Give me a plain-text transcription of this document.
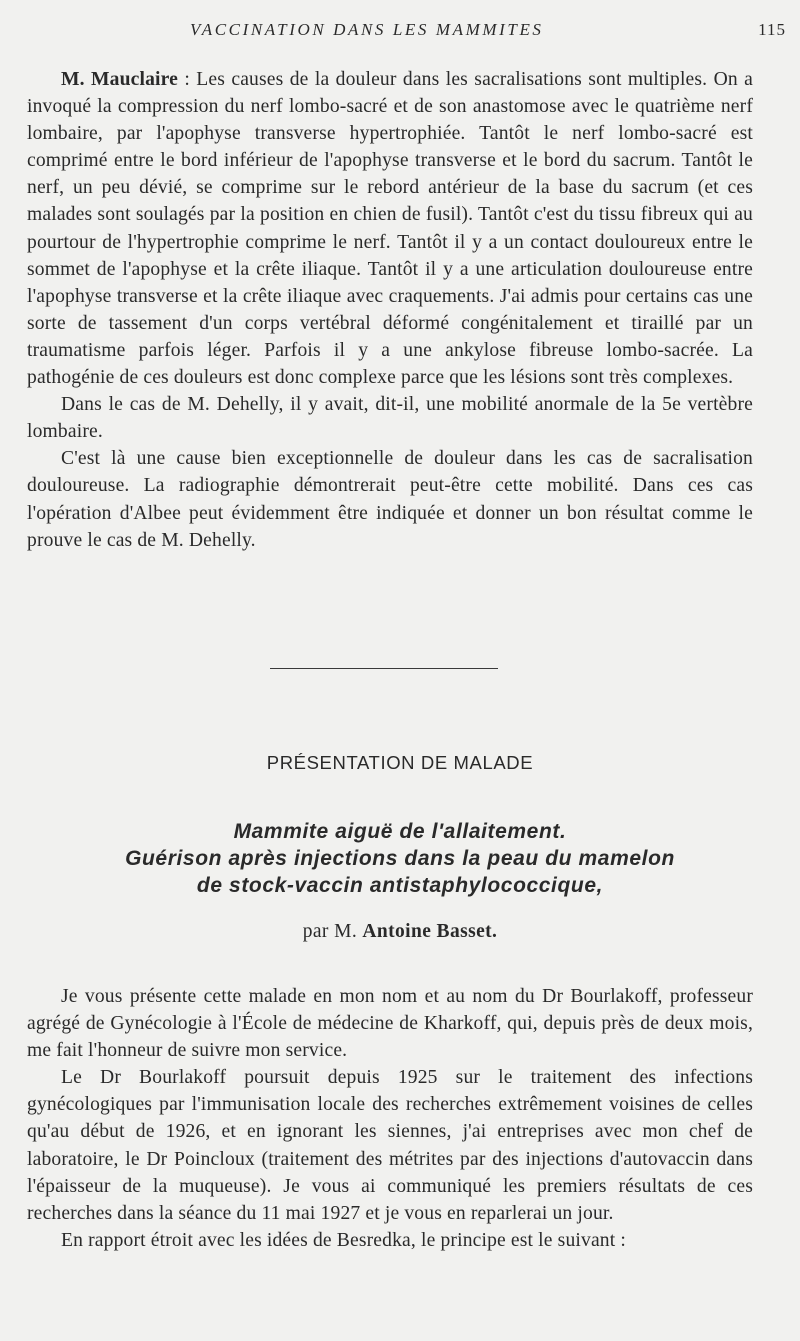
VACCINATION DANS LES MAMMITES	115

M. Mauclaire : Les causes de la douleur dans les sacralisations sont multiples. On a invoqué la compression du nerf lombo-sacré et de son anastomose avec le quatrième nerf lombaire, par l'apophyse transverse hypertrophiée. Tantôt le nerf lombo-sacré est comprimé entre le bord inférieur de l'apophyse transverse et le bord du sacrum. Tantôt le nerf, un peu dévié, se comprime sur le rebord antérieur de la base du sacrum (et ces malades sont soulagés par la position en chien de fusil). Tantôt c'est du tissu fibreux qui au pourtour de l'hypertrophie comprime le nerf. Tantôt il y a un contact douloureux entre le sommet de l'apophyse et la crête iliaque. Tantôt il y a une articulation douloureuse entre l'apophyse transverse et la crête iliaque avec craquements. J'ai admis pour certains cas une sorte de tassement d'un corps vertébral déformé congénitalement et tiraillé par un traumatisme parfois léger. Parfois il y a une ankylose fibreuse lombo-sacrée. La pathogénie de ces douleurs est donc complexe parce que les lésions sont très complexes.

Dans le cas de M. Dehelly, il y avait, dit-il, une mobilité anormale de la 5e vertèbre lombaire.

C'est là une cause bien exceptionnelle de douleur dans les cas de sacralisation douloureuse. La radiographie démontrerait peut-être cette mobilité. Dans ces cas l'opération d'Albee peut évidemment être indiquée et donner un bon résultat comme le prouve le cas de M. Dehelly.

PRÉSENTATION DE MALADE
Mammite aiguë de l'allaitement.
Guérison après injections dans la peau du mamelon
de stock-vaccin antistaphylococcique,
par M. Antoine Basset.

Je vous présente cette malade en mon nom et au nom du Dr Bourlakoff, professeur agrégé de Gynécologie à l'École de médecine de Kharkoff, qui, depuis près de deux mois, me fait l'honneur de suivre mon service.

Le Dr Bourlakoff poursuit depuis 1925 sur le traitement des infections gynécologiques par l'immunisation locale des recherches extrêmement voisines de celles qu'au début de 1926, et en ignorant les siennes, j'ai entreprises avec mon chef de laboratoire, le Dr Poincloux (traitement des métrites par des injections d'autovaccin dans l'épaisseur de la muqueuse). Je vous ai communiqué les premiers résultats de ces recherches dans la séance du 11 mai 1927 et je vous en reparlerai un jour.

En rapport étroit avec les idées de Besredka, le principe est le suivant :
